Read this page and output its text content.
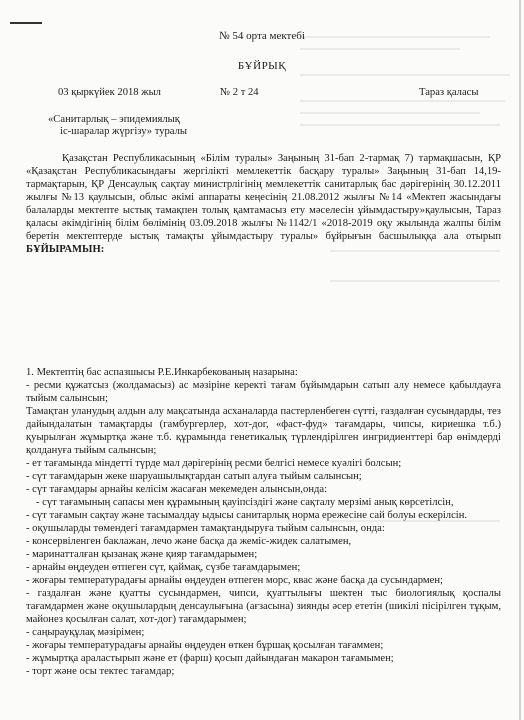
№ 54 орта мектебі
БҰЙРЫҚ
03 қыркүйек 2018 жыл	№ 2 т 24	Тараз қаласы
«Санитарлық – эпидемиялық
іс-шаралар жүргізу» туралы
Қазақстан Республикасының «Білім туралы» Заңының 31-бап 2-тармақ 7) тармақшасын, ҚР «Қазақстан Республикасындағы жергілікті мемлекеттік басқару туралы» Заңының 31-бап 14,19-тармақтарын, ҚР Денсаулық сақтау министрлігінің мемлекеттік санитарлық бас дәрігерінің 30.12.2011 жылғы №13 қаулысын, облыс әкімі аппараты кеңесінің 21.08.2012 жылғы №14 «Мектеп жасындағы балаларды мектепте ыстық тамақпен толық қамтамасыз ету мәселесін ұйымдастыру»қаулысын, Тараз қаласы әкімдігінің білім бөлімінің 03.09.2018 жылғы №1142/1 «2018-2019 оқу жылында жалпы білім беретін мектептерде ыстық тамақты ұйымдастыру туралы» бұйрығын басшылыққа ала отырып БҰЙЫРАМЫН:

1. Мектептің бас аспазшысы Р.Е.Инкарбекованың назарына:

- ресми құжатсыз (жолдамасыз) ас мәзіріне керекті тағам бұйымдарын сатып алу немесе қабылдауға тыйым салынсын;

Тамақтан уланудың алдын алу мақсатында асханаларда пастерленбеген сүтті, газдалған сусындарды, тез дайындалатын тамақтарды (гамбургерлер, хот-дог, «фаст-фуд» тағамдары, чипсы, кириешка т.б.) қуырылған жұмыртқа және т.б. құрамында генетикалық түрлендірілген ингридиенттері бар өнімдерді қолдануға тыйым салынсын;

- ет тағамында міндетті түрде мал дәрігерінің ресми белгісі немесе куәлігі болсын;

- сүт тағамдарын жеке шаруашылықтардан сатып алуға тыйым салынсын;

- сүт тағамдары арнайы келісім жасаған мекемеден алынсын,онда:

- сүт тағамының сапасы мен құрамының қауіпсіздігі және сақталу мерзімі анық көрсетілсін,

- сүт тағамын сақтау және тасымалдау ыдысы санитарлық норма ережесіне сай болуы ескерілсін.

- оқушыларды төмендегі тағамдармен тамақтандыруға тыйым салынсын, онда:

- консервіленген баклажан, лечо және басқа да жеміс-жидек салатымен,

- маринатталған қызанақ және қияр тағамдарымен;

- арнайы өңдеуден өтпеген сүт, қаймақ, сүзбе тағамдарымен;

- жоғары температурадағы арнайы өңдеуден өтпеген морс, квас және басқа да сусындармен;

- газдалған және қуатты сусындармен, чипси, қуаттылығы шектен тыс биологиялық қоспалы тағамдармен және оқушылардың денсаулығына (ағзасына) зиянды әсер ететін (шикілі пісірілген тұқым, майонез қосылған салат, хот-дог) тағамдарымен;

- саңырауқұлақ мәзірімен;

- жоғары температурадағы арнайы өңдеуден өткен бұршақ қосылған тағаммен;

- жұмыртқа араластырып және ет (фарш) қосып дайындаған макарон тағамымен;

- торт және осы тектес тағамдар;
